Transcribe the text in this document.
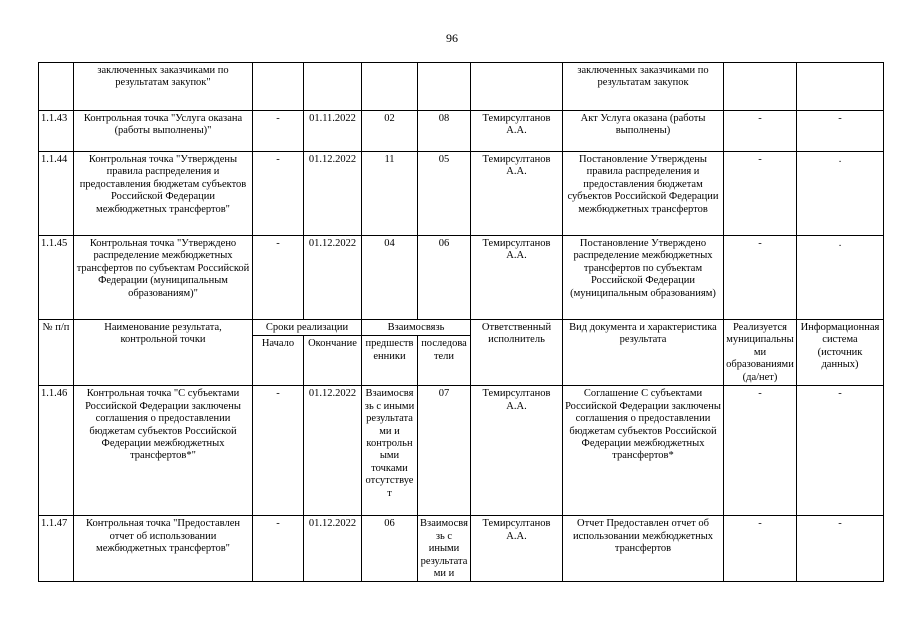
96
	заключенных заказчиками по результатам закупок"						заключенных заказчиками по результатам закупок		
1.1.43	Контрольная точка "Услуга оказана (работы выполнены)"	-	01.11.2022	02	08	Темирсултанов А.А.	Акт Услуга оказана (работы выполнены)	-	-
1.1.44	Контрольная точка "Утверждены правила распределения и предоставления бюджетам субъектов Российской Федерации межбюджетных трансфертов"	-	01.12.2022	11	05	Темирсултанов А.А.	Постановление Утверждены правила распределения и предоставления бюджетам субъектов Российской Федерации межбюджетных трансфертов	-	.
1.1.45	Контрольная точка "Утверждено распределение межбюджетных трансфертов по субъектам Российской Федерации (муниципальным образованиям)"	-	01.12.2022	04	06	Темирсултанов А.А.	Постановление Утверждено распределение межбюджетных трансфертов по субъектам Российской Федерации (муниципальным образованиям)	-	.
№ п/п	Наименование результата, контрольной точки	Сроки реализации		Взаимосвязь		Ответственный исполнитель	Вид документа и характеристика результата	Реализуется муниципальными образованиями (да/нет)	Информационная система (источник данных)
		Начало	Окончание	предшественники	последователи				
1.1.46	Контрольная точка "С субъектами Российской Федерации заключены соглашения о предоставлении бюджетам субъектов Российской Федерации межбюджетных трансфертов*"	-	01.12.2022	Взаимосвязь с иными результатами и контрольными точками отсутствует	07	Темирсултанов А.А.	Соглашение С субъектами Российской Федерации заключены соглашения о предоставлении бюджетам субъектов Российской Федерации межбюджетных трансфертов*	-	-
1.1.47	Контрольная точка "Предоставлен отчет об использовании межбюджетных трансфертов"	-	01.12.2022	06	Взаимосвязь с иными результатами и	Темирсултанов А.А.	Отчет Предоставлен отчет об использовании межбюджетных трансфертов	-	-
